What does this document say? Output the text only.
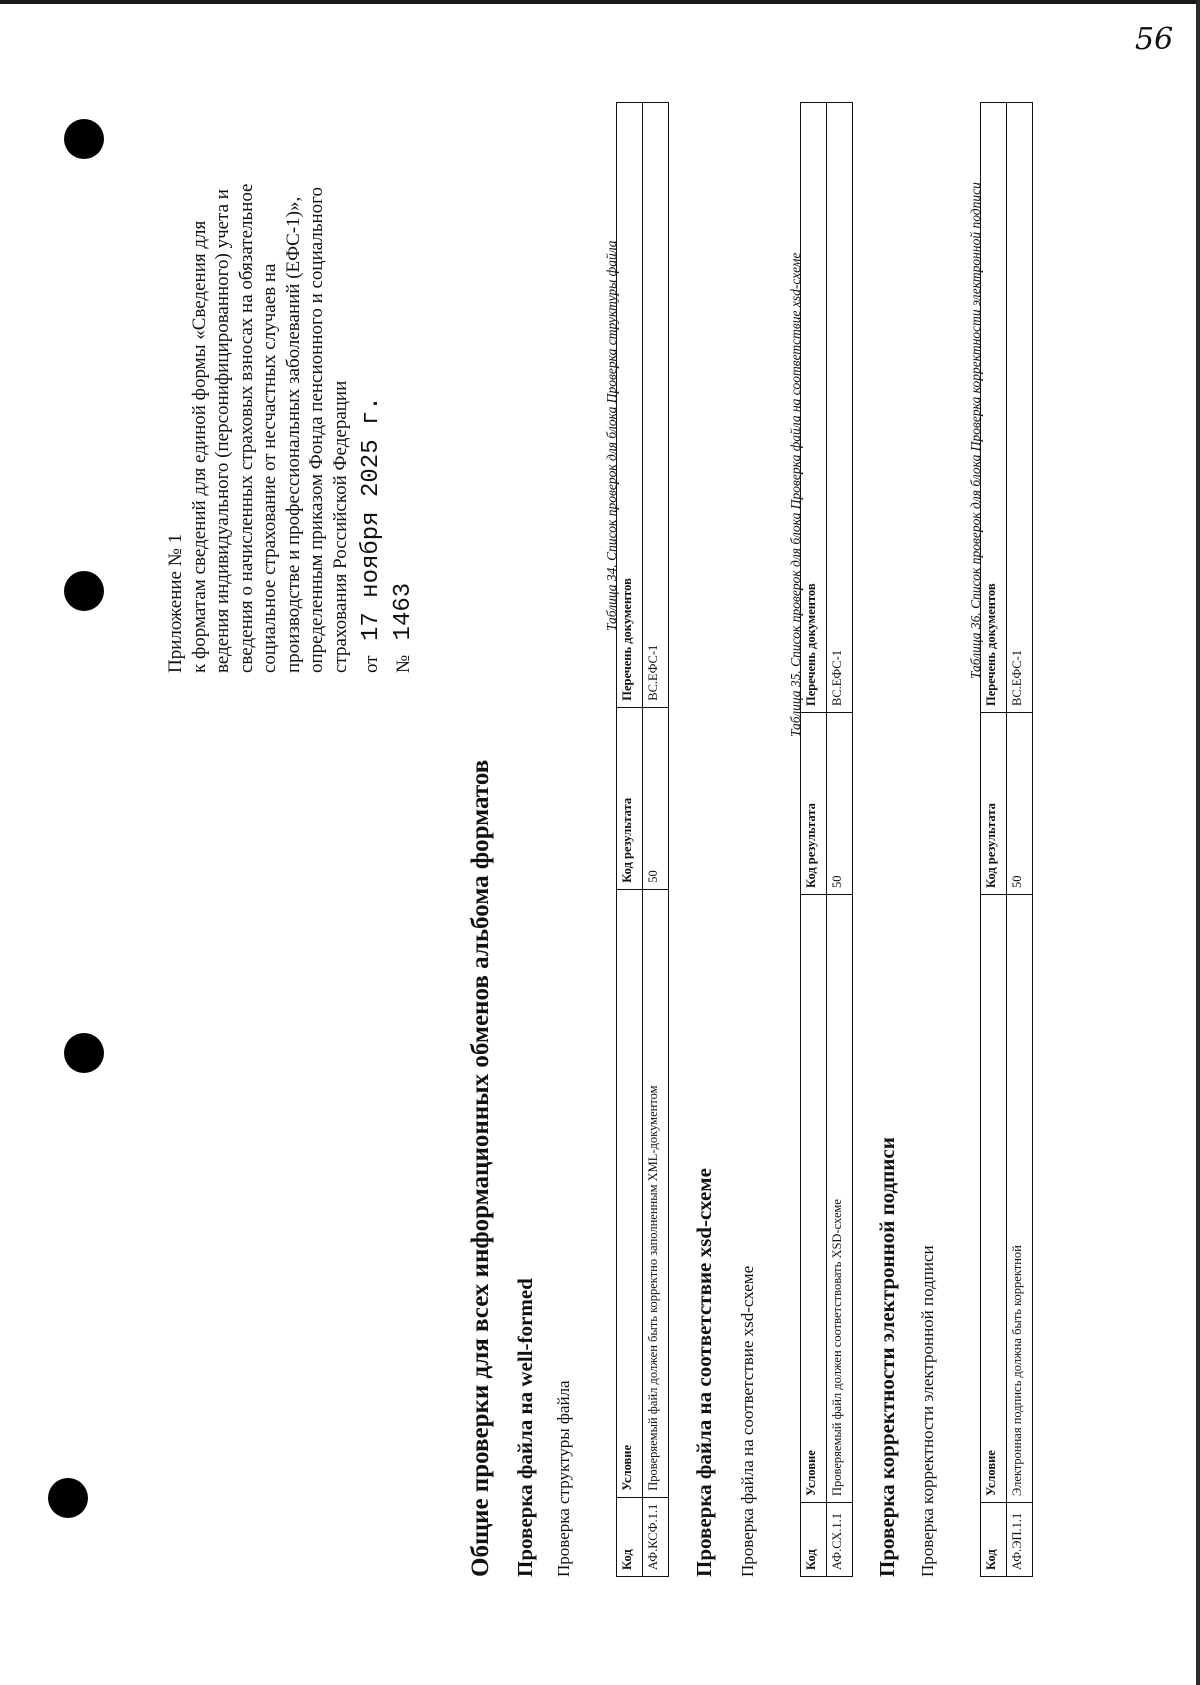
56
Приложение № 1 к форматам сведений для единой формы «Сведения для ведения индивидуального (персонифицированного) учета и сведения о начисленных страховых взносах на обязательное социальное страхование от несчастных случаев на производстве и профессиональных заболеваний (ЕФС-1)», определенным приказом Фонда пенсионного и социального страхования Российской Федерации от 17 ноября 2025 г.
№ 1463
Общие проверки для всех информационных обменов альбома форматов Проверка файла на well-formed Проверка структуры файла
Таблица 34. Список проверок для блока Проверка структуры файла
Код	Условие	Код результата	Перечень документов
АФ.КСФ.1.1	Проверяемый файл должен быть корректно заполненным XML-документом	50	ВС.ЕФС-1
Проверка файла на соответствие xsd-схеме Проверка файла на соответствие xsd-схеме
Таблица 35. Список проверок для блока Проверка файла на соответствие xsd-схеме
Код	Условие	Код результата	Перечень документов
АФ.СХ.1.1	Проверяемый файл должен соответствовать XSD-схеме	50	ВС.ЕФС-1
Проверка корректности электронной подписи Проверка корректности электронной подписи
Таблица 36. Список проверок для блока Проверка корректности электронной подписи
Код	Условие	Код результата	Перечень документов
АФ.ЭП.1.1	Электронная подпись должна быть корректной	50	ВС.ЕФС-1
